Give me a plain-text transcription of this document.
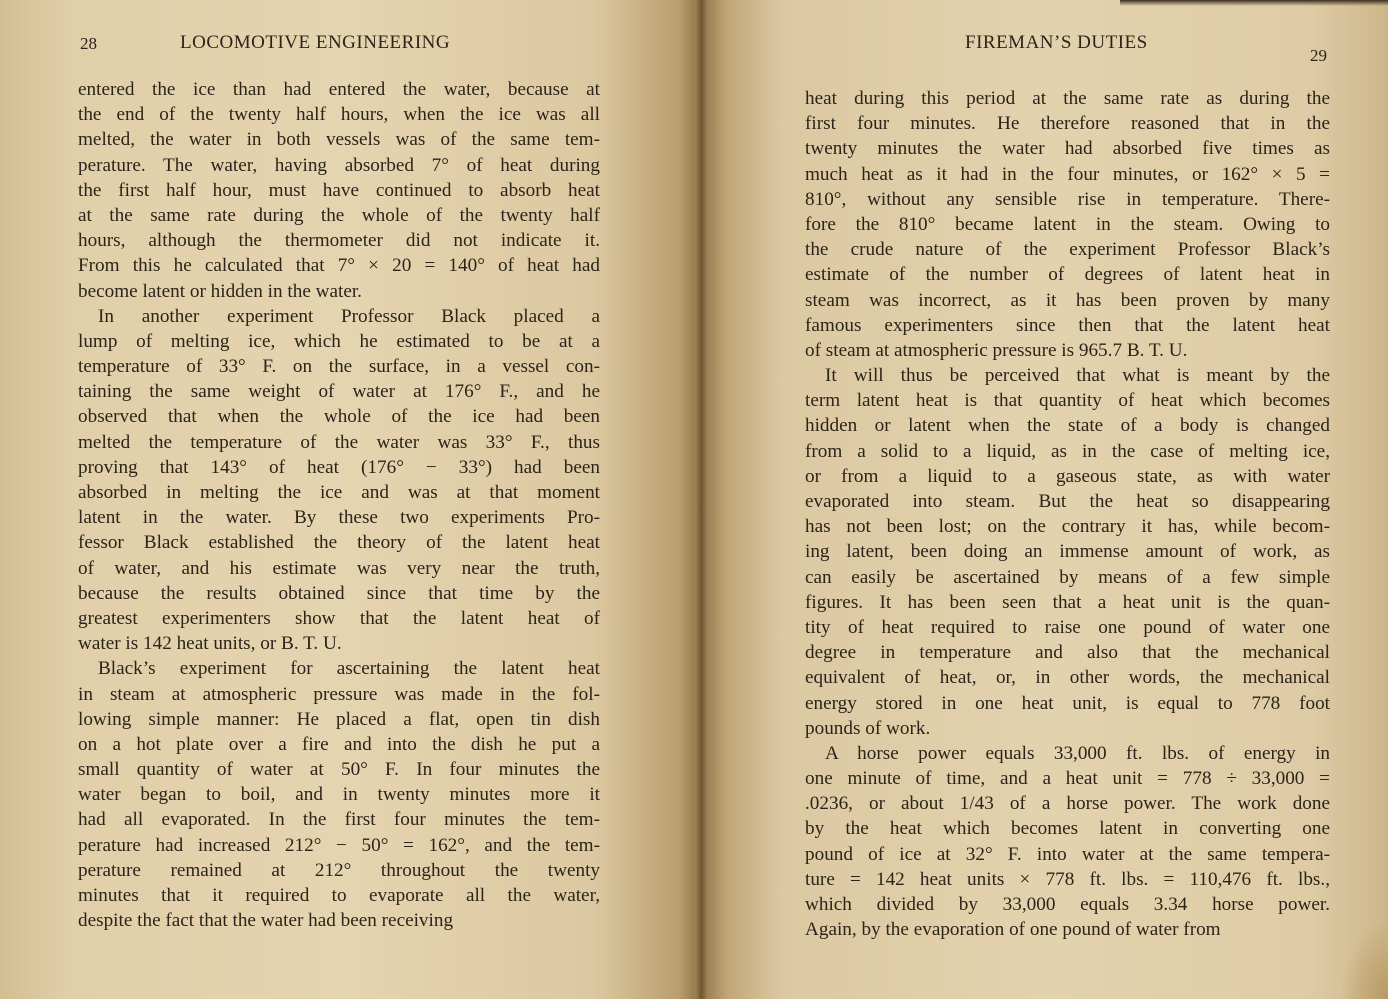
28	LOCOMOTIVE ENGINEERING
entered the ice than had entered the water, because at
the end of the twenty half hours, when the ice was all
melted, the water in both vessels was of the same tem-
perature. The water, having absorbed 7° of heat during
the first half hour, must have continued to absorb heat
at the same rate during the whole of the twenty half
hours, although the thermometer did not indicate it.
From this he calculated that 7° × 20 = 140° of heat had
become latent or hidden in the water.
In another experiment Professor Black placed a
lump of melting ice, which he estimated to be at a
temperature of 33° F. on the surface, in a vessel con-
taining the same weight of water at 176° F., and he
observed that when the whole of the ice had been
melted the temperature of the water was 33° F., thus
proving that 143° of heat (176° − 33°) had been
absorbed in melting the ice and was at that moment
latent in the water. By these two experiments Pro-
fessor Black established the theory of the latent heat
of water, and his estimate was very near the truth,
because the results obtained since that time by the
greatest experimenters show that the latent heat of
water is 142 heat units, or B. T. U.
Black’s experiment for ascertaining the latent heat
in steam at atmospheric pressure was made in the fol-
lowing simple manner: He placed a flat, open tin dish
on a hot plate over a fire and into the dish he put a
small quantity of water at 50° F. In four minutes the
water began to boil, and in twenty minutes more it
had all evaporated. In the first four minutes the tem-
perature had increased 212° − 50° = 162°, and the tem-
perature remained at 212° throughout the twenty
minutes that it required to evaporate all the water,
despite the fact that the water had been receiving
FIREMAN’S DUTIES
29
heat during this period at the same rate as during the
first four minutes. He therefore reasoned that in the
twenty minutes the water had absorbed five times as
much heat as it had in the four minutes, or 162° × 5 =
810°, without any sensible rise in temperature. There-
fore the 810° became latent in the steam. Owing to
the crude nature of the experiment Professor Black’s
estimate of the number of degrees of latent heat in
steam was incorrect, as it has been proven by many
famous experimenters since then that the latent heat
of steam at atmospheric pressure is 965.7 B. T. U.
It will thus be perceived that what is meant by the
term latent heat is that quantity of heat which becomes
hidden or latent when the state of a body is changed
from a solid to a liquid, as in the case of melting ice,
or from a liquid to a gaseous state, as with water
evaporated into steam. But the heat so disappearing
has not been lost; on the contrary it has, while becom-
ing latent, been doing an immense amount of work, as
can easily be ascertained by means of a few simple
figures. It has been seen that a heat unit is the quan-
tity of heat required to raise one pound of water one
degree in temperature and also that the mechanical
equivalent of heat, or, in other words, the mechanical
energy stored in one heat unit, is equal to 778 foot
pounds of work.
A horse power equals 33,000 ft. lbs. of energy in
one minute of time, and a heat unit = 778 ÷ 33,000 =
.0236, or about 1/43 of a horse power. The work done
by the heat which becomes latent in converting one
pound of ice at 32° F. into water at the same tempera-
ture = 142 heat units × 778 ft. lbs. = 110,476 ft. lbs.,
which divided by 33,000 equals 3.34 horse power.
Again, by the evaporation of one pound of water from
